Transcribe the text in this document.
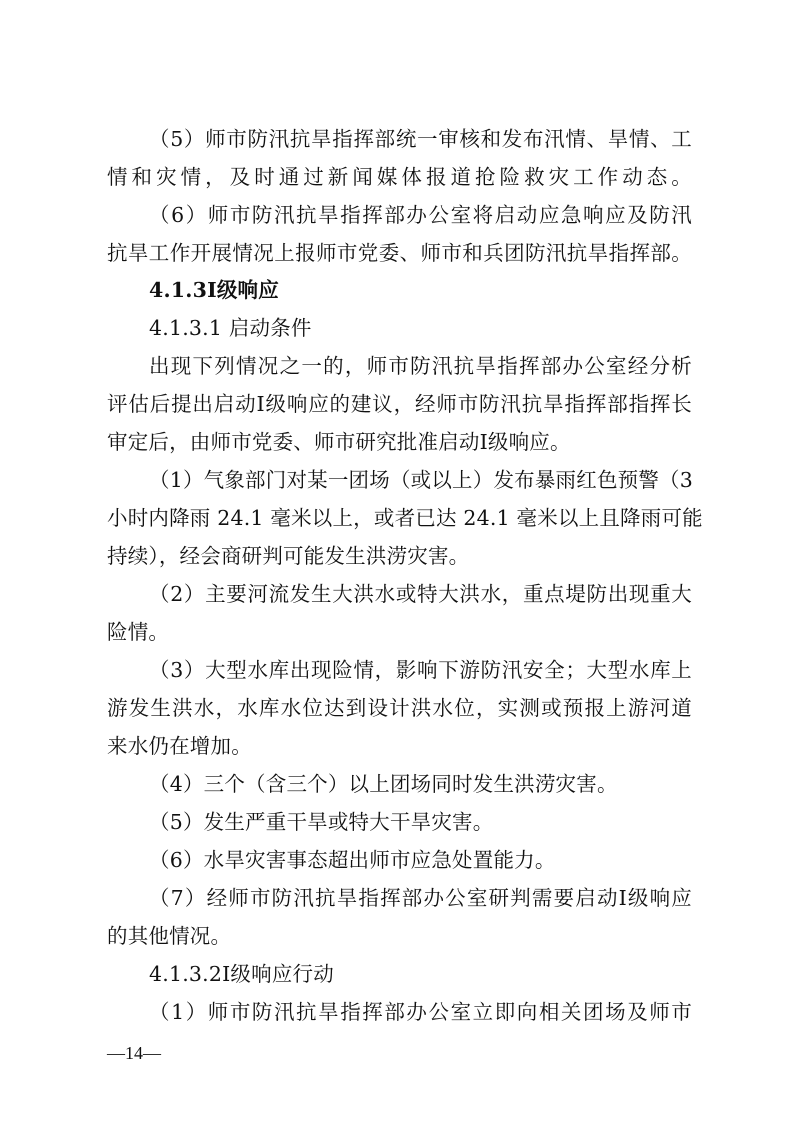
（5）师市防汛抗旱指挥部统一审核和发布汛情、旱情、工
情和灾情，及时通过新闻媒体报道抢险救灾工作动态。
（6）师市防汛抗旱指挥部办公室将启动应急响应及防汛
抗旱工作开展情况上报师市党委、师市和兵团防汛抗旱指挥部。
4.1.3I级响应
4.1.3.1 启动条件
出现下列情况之一的，师市防汛抗旱指挥部办公室经分析
评估后提出启动I级响应的建议，经师市防汛抗旱指挥部指挥长
审定后，由师市党委、师市研究批准启动I级响应。
（1）气象部门对某一团场（或以上）发布暴雨红色预警（3
小时内降雨 24.1 毫米以上，或者已达 24.1 毫米以上且降雨可能
持续），经会商研判可能发生洪涝灾害。
（2）主要河流发生大洪水或特大洪水，重点堤防出现重大
险情。
（3）大型水库出现险情，影响下游防汛安全；大型水库上
游发生洪水，水库水位达到设计洪水位，实测或预报上游河道
来水仍在增加。
（4）三个（含三个）以上团场同时发生洪涝灾害。
（5）发生严重干旱或特大干旱灾害。
（6）水旱灾害事态超出师市应急处置能力。
（7）经师市防汛抗旱指挥部办公室研判需要启动I级响应
的其他情况。
4.1.3.2I级响应行动
（1）师市防汛抗旱指挥部办公室立即向相关团场及师市
—14—
